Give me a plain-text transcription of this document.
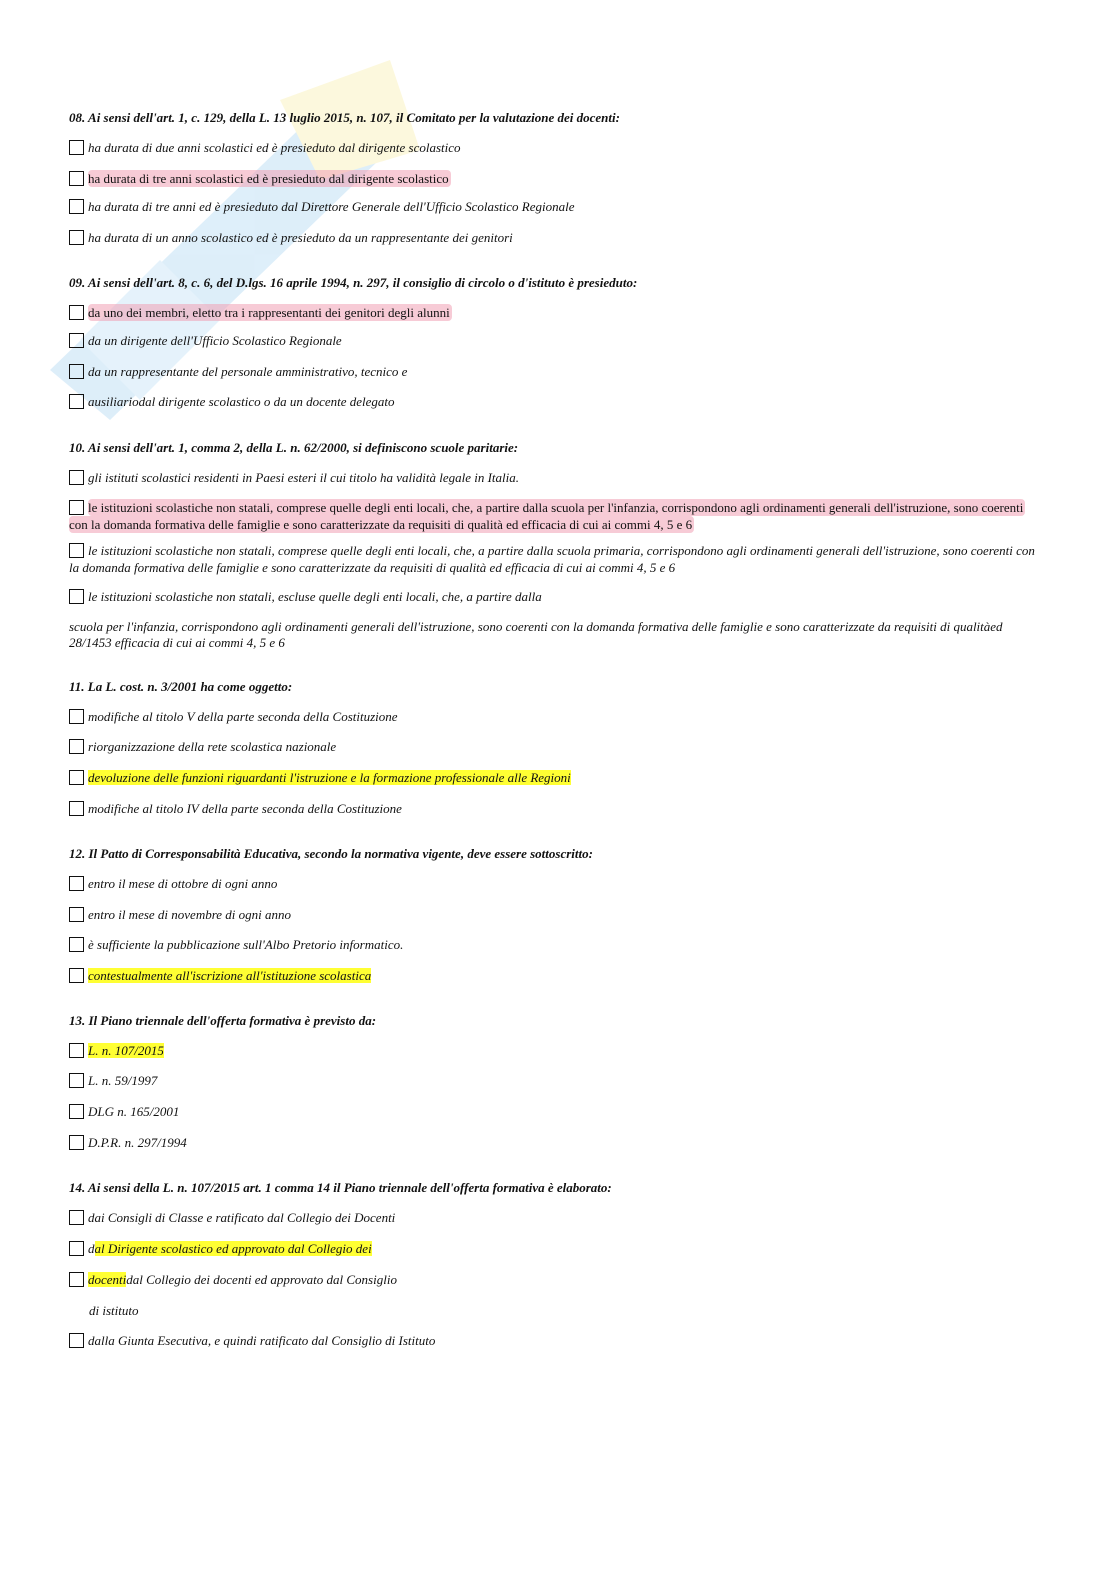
08. Ai sensi dell'art. 1, c. 129, della L. 13 luglio 2015, n. 107, il Comitato per la valutazione dei docenti:
ha durata di due anni scolastici ed è presieduto dal dirigente scolastico
ha durata di tre anni scolastici ed è presieduto dal dirigente scolastico
ha durata di tre anni ed è presieduto dal Direttore Generale dell'Ufficio Scolastico Regionale
ha durata di un anno scolastico ed è presieduto da un rappresentante dei genitori
09. Ai sensi dell'art. 8, c. 6, del D.lgs. 16 aprile 1994, n. 297, il consiglio di circolo o d'istituto è presieduto:
da uno dei membri, eletto tra i rappresentanti dei genitori degli alunni
da un dirigente dell'Ufficio Scolastico Regionale
da un rappresentante del personale amministrativo, tecnico e
ausiliariodal dirigente scolastico o da un docente delegato
10. Ai sensi dell'art. 1, comma 2, della L. n. 62/2000, si definiscono scuole paritarie:
gli istituti scolastici residenti in Paesi esteri il cui titolo ha validità legale in Italia.
le istituzioni scolastiche non statali, comprese quelle degli enti locali, che, a partire dalla scuola per l'infanzia, corrispondono agli ordinamenti generali dell'istruzione, sono coerenti con la domanda formativa delle famiglie e sono caratterizzate da requisiti di qualità ed efficacia di cui ai commi 4, 5 e 6
le istituzioni scolastiche non statali, comprese quelle degli enti locali, che, a partire dalla scuola primaria, corrispondono agli ordinamenti generali dell'istruzione, sono coerenti con la domanda formativa delle famiglie e sono caratterizzate da requisiti di qualità ed efficacia di cui ai commi 4, 5 e 6
le istituzioni scolastiche non statali, escluse quelle degli enti locali, che, a partire dalla
scuola per l'infanzia, corrispondono agli ordinamenti generali dell'istruzione, sono coerenti con la domanda formativa delle famiglie e sono caratterizzate da requisiti di qualitàed 28/1453 efficacia di cui ai commi 4, 5 e 6
11. La L. cost. n. 3/2001 ha come oggetto:
modifiche al titolo V della parte seconda della Costituzione
riorganizzazione della rete scolastica nazionale
devoluzione delle funzioni riguardanti l'istruzione e la formazione professionale alle Regioni
modifiche al titolo IV della parte seconda della Costituzione
12. Il Patto di Corresponsabilità Educativa, secondo la normativa vigente, deve essere sottoscritto:
entro il mese di ottobre di ogni anno
entro il mese di novembre di ogni anno
è sufficiente la pubblicazione sull'Albo Pretorio informatico.
contestualmente all'iscrizione all'istituzione scolastica
13. Il Piano triennale dell'offerta formativa è previsto da:
L. n. 107/2015
L. n. 59/1997
DLG n. 165/2001
D.P.R. n. 297/1994
14. Ai sensi della L. n. 107/2015 art. 1 comma 14 il Piano triennale dell'offerta formativa è elaborato:
dai Consigli di Classe e ratificato dal Collegio dei Docenti
dal Dirigente scolastico ed approvato dal Collegio dei
docentidal Collegio dei docenti ed approvato dal Consiglio
di istituto
dalla Giunta Esecutiva, e quindi ratificato dal Consiglio di Istituto
